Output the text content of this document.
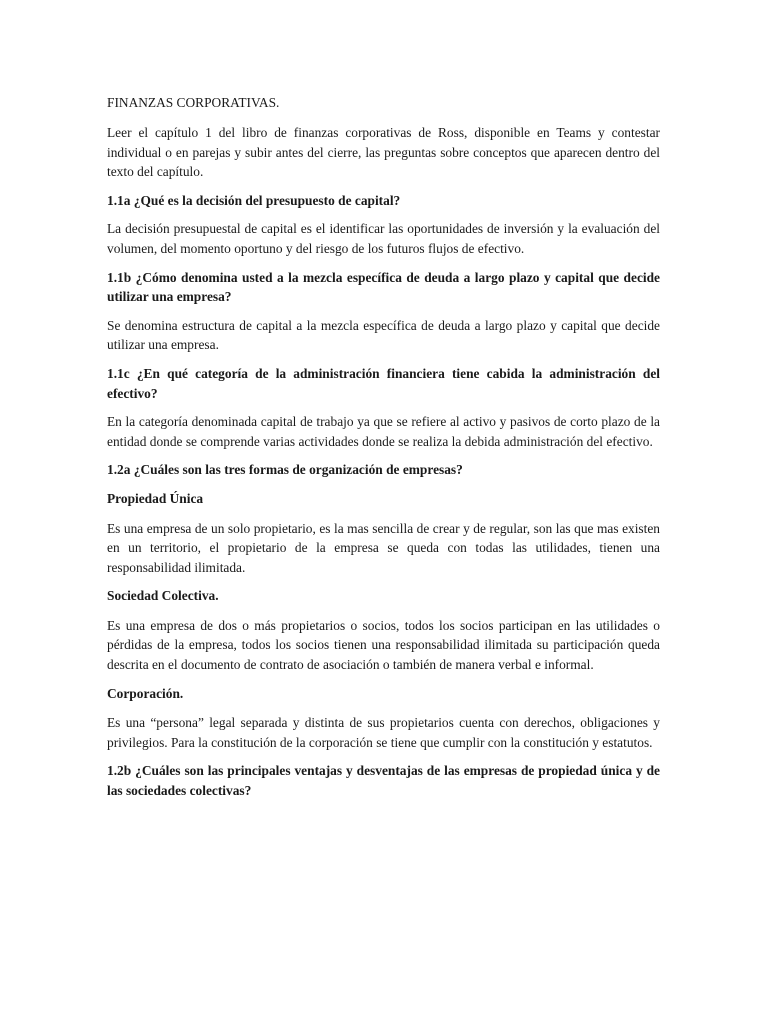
FINANZAS CORPORATIVAS.

Leer el capítulo 1 del libro de finanzas corporativas de Ross, disponible en Teams y contestar individual o en parejas y subir antes del cierre, las preguntas sobre conceptos que aparecen dentro del texto del capítulo.

1.1a ¿Qué es la decisión del presupuesto de capital?

La decisión presupuestal de capital es el identificar las oportunidades de inversión y la evaluación del volumen, del momento oportuno y del riesgo de los futuros flujos de efectivo.

1.1b ¿Cómo denomina usted a la mezcla específica de deuda a largo plazo y capital que decide utilizar una empresa?

Se denomina estructura de capital a la mezcla específica de deuda a largo plazo y capital que decide utilizar una empresa.

1.1c ¿En qué categoría de la administración financiera tiene cabida la administración del efectivo?

En la categoría denominada capital de trabajo ya que se refiere al activo y pasivos de corto plazo de la entidad donde se comprende varias actividades donde se realiza la debida administración del efectivo.

1.2a ¿Cuáles son las tres formas de organización de empresas?

Propiedad Única

Es una empresa de un solo propietario, es la mas sencilla de crear y de regular, son las que mas existen en un territorio, el propietario de la empresa se queda con todas las utilidades, tienen una responsabilidad ilimitada.

Sociedad Colectiva.

Es una empresa de dos o más propietarios o socios, todos los socios participan en las utilidades o pérdidas de la empresa, todos los socios tienen una responsabilidad ilimitada su participación queda descrita en el documento de contrato de asociación o también de manera verbal e informal.

Corporación.

Es una “persona” legal separada y distinta de sus propietarios cuenta con derechos, obligaciones y privilegios. Para la constitución de la corporación se tiene que cumplir con la constitución y estatutos.

1.2b ¿Cuáles son las principales ventajas y desventajas de las empresas de propiedad única y de las sociedades colectivas?
